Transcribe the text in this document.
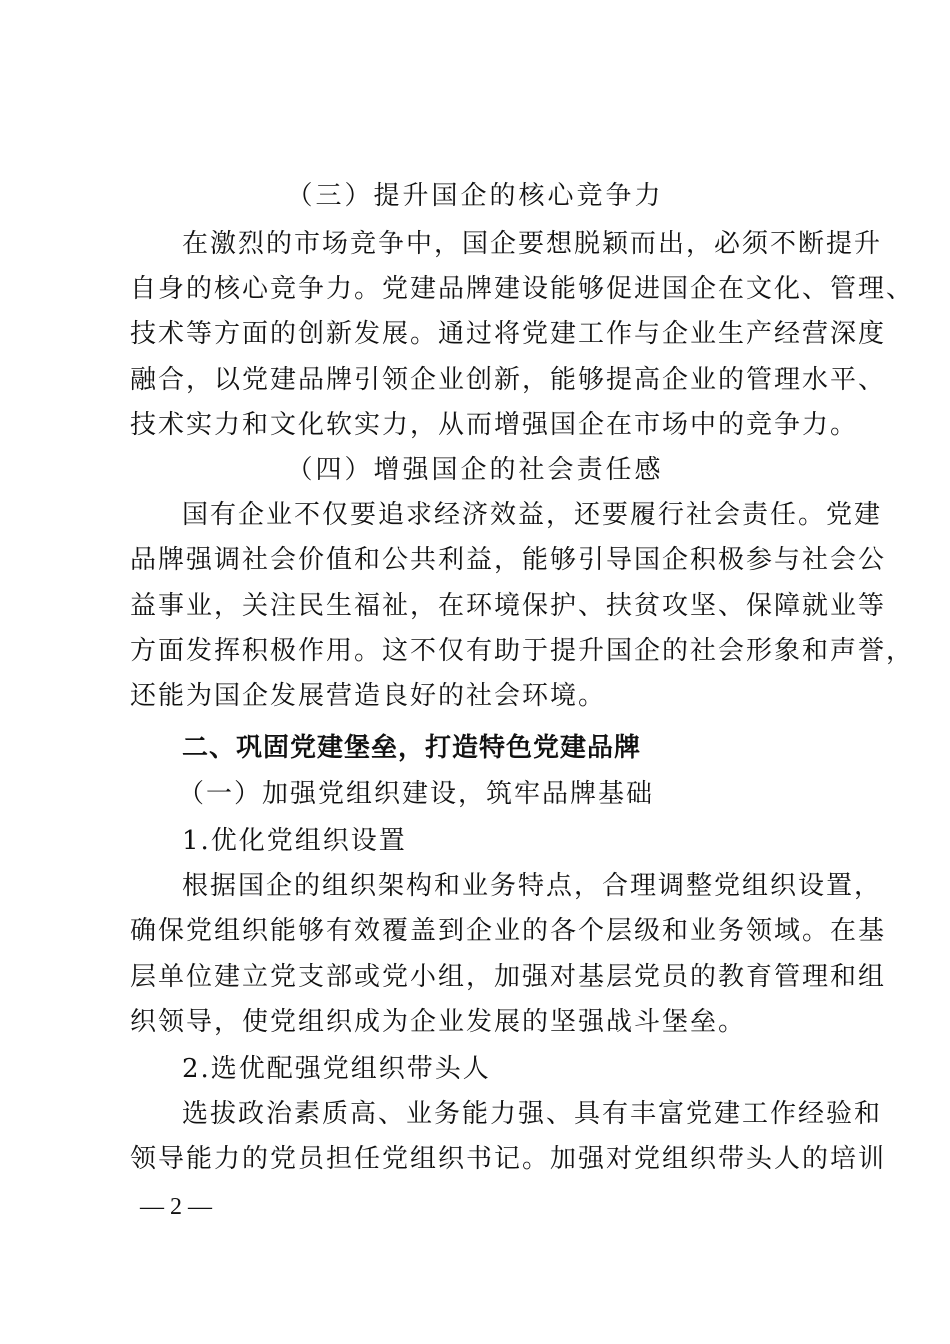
（三）提升国企的核心竞争力
在激烈的市场竞争中，国企要想脱颖而出，必须不断提升
自身的核心竞争力。党建品牌建设能够促进国企在文化、管理、
技术等方面的创新发展。通过将党建工作与企业生产经营深度
融合，以党建品牌引领企业创新，能够提高企业的管理水平、
技术实力和文化软实力，从而增强国企在市场中的竞争力。
（四）增强国企的社会责任感
国有企业不仅要追求经济效益，还要履行社会责任。党建
品牌强调社会价值和公共利益，能够引导国企积极参与社会公
益事业，关注民生福祉，在环境保护、扶贫攻坚、保障就业等
方面发挥积极作用。这不仅有助于提升国企的社会形象和声誉，
还能为国企发展营造良好的社会环境。
二、巩固党建堡垒，打造特色党建品牌
（一）加强党组织建设，筑牢品牌基础
1.优化党组织设置
根据国企的组织架构和业务特点，合理调整党组织设置，
确保党组织能够有效覆盖到企业的各个层级和业务领域。在基
层单位建立党支部或党小组，加强对基层党员的教育管理和组
织领导，使党组织成为企业发展的坚强战斗堡垒。
2.选优配强党组织带头人
选拔政治素质高、业务能力强、具有丰富党建工作经验和
领导能力的党员担任党组织书记。加强对党组织带头人的培训
— 2 —
